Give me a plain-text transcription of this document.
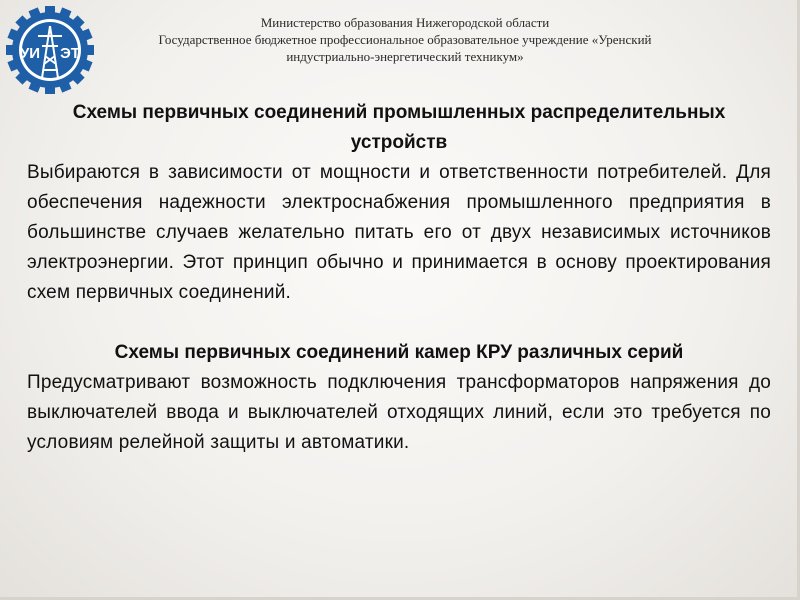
УИ ЭТ
Министерство образования Нижегородской области
Государственное бюджетное профессиональное образовательное учреждение «Уренский
индустриально-энергетический техникум»

Схемы первичных соединений промышленных распределительных устройств

Выбираются в зависимости от мощности и ответственности потребителей. Для обеспечения надежности электроснабжения промышленного предприятия в большинстве случаев желательно питать его от двух независимых источников электроэнергии. Этот принцип обычно и принимается в основу проектирования схем первичных соединений.

Схемы первичных соединений камер КРУ различных серий

Предусматривают возможность подключения трансформаторов напряжения до выключателей ввода и выключателей отходящих линий, если это требуется по условиям релейной защиты и автоматики.
